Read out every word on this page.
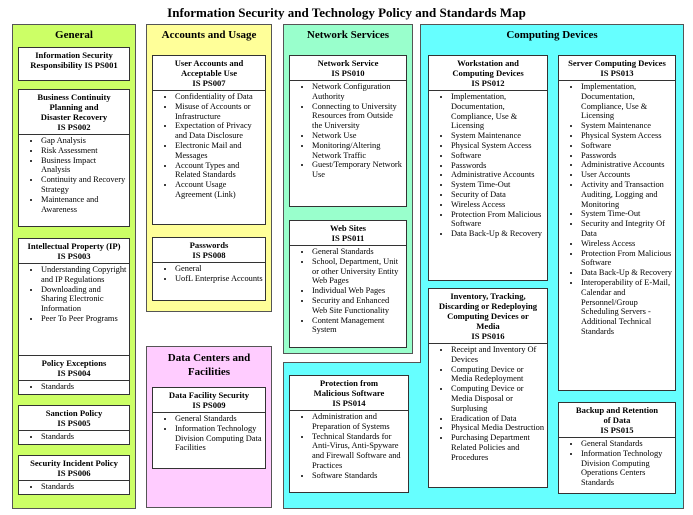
Information Security and Technology Policy and Standards Map
General
Information Security
Responsibility IS PS001
Business Continuity
Planning and
Disaster Recovery
IS PS002
• Gap Analysis
• Risk Assessment
• Business Impact Analysis
• Continuity and Recovery Strategy
• Maintenance and Awareness
Intellectual Property (IP)
IS PS003
• Understanding Copyright and IP Regulations
• Downloading and Sharing Electronic Information
• Peer To Peer Programs
Policy Exceptions
IS PS004
• Standards
Sanction Policy
IS PS005
• Standards
Security Incident Policy
IS PS006
• Standards
Accounts and Usage
User Accounts and
Acceptable Use
IS PS007
• Confidentiality of Data
• Misuse of Accounts or Infrastructure
• Expectation of Privacy and Data Disclosure
• Electronic Mail and Messages
• Account Types and Related Standards
• Account Usage Agreement (Link)
Passwords
IS PS008
• General
• UofL Enterprise Accounts
Data Centers and
Facilities
Data Facility Security
IS PS009
• General Standards
• Information Technology Division Computing Data Facilities
Network Services
Network Service
IS PS010
• Network Configuration Authority
• Connecting to University Resources from Outside the University
• Network Use
• Monitoring/Altering Network Traffic
• Guest/Temporary Network Use
Web Sites
IS PS011
• General Standards
• School, Department, Unit or other University Entity Web Pages
• Individual Web Pages
• Security and Enhanced Web Site Functionality
• Content Management System
Computing Devices
Protection from
Malicious Software
IS PS014
• Administration and Preparation of Systems
• Technical Standards for Anti-Virus, Anti-Spyware and Firewall Software and Practices
• Software Standards
Workstation and
Computing Devices
IS PS012
• Implementation, Documentation, Compliance, Use & Licensing
• System Maintenance
• Physical System Access
• Software
• Passwords
• Administrative Accounts
• System Time-Out
• Security of Data
• Wireless Access
• Protection From Malicious Software
• Data Back-Up & Recovery
Inventory, Tracking,
Discarding or Redeploying
Computing Devices or
Media
IS PS016
• Receipt and Inventory Of Devices
• Computing Device or Media Redeployment
• Computing Device or Media Disposal or Surplusing
• Eradication of Data
• Physical Media Destruction
• Purchasing Department Related Policies and Procedures
Server Computing Devices
IS PS013
• Implementation, Documentation, Compliance, Use & Licensing
• System Maintenance
• Physical System Access
• Software
• Passwords
• Administrative Accounts
• User Accounts
• Activity and Transaction Auditing, Logging and Monitoring
• System Time-Out
• Security and Integrity Of Data
• Wireless Access
• Protection From Malicious Software
• Data Back-Up & Recovery
• Interoperability of E-Mail, Calendar and Personnel/Group Scheduling Servers - Additional Technical Standards
Backup and Retention
of Data
IS PS015
• General Standards
• Information Technology Division Computing Operations Centers Standards
